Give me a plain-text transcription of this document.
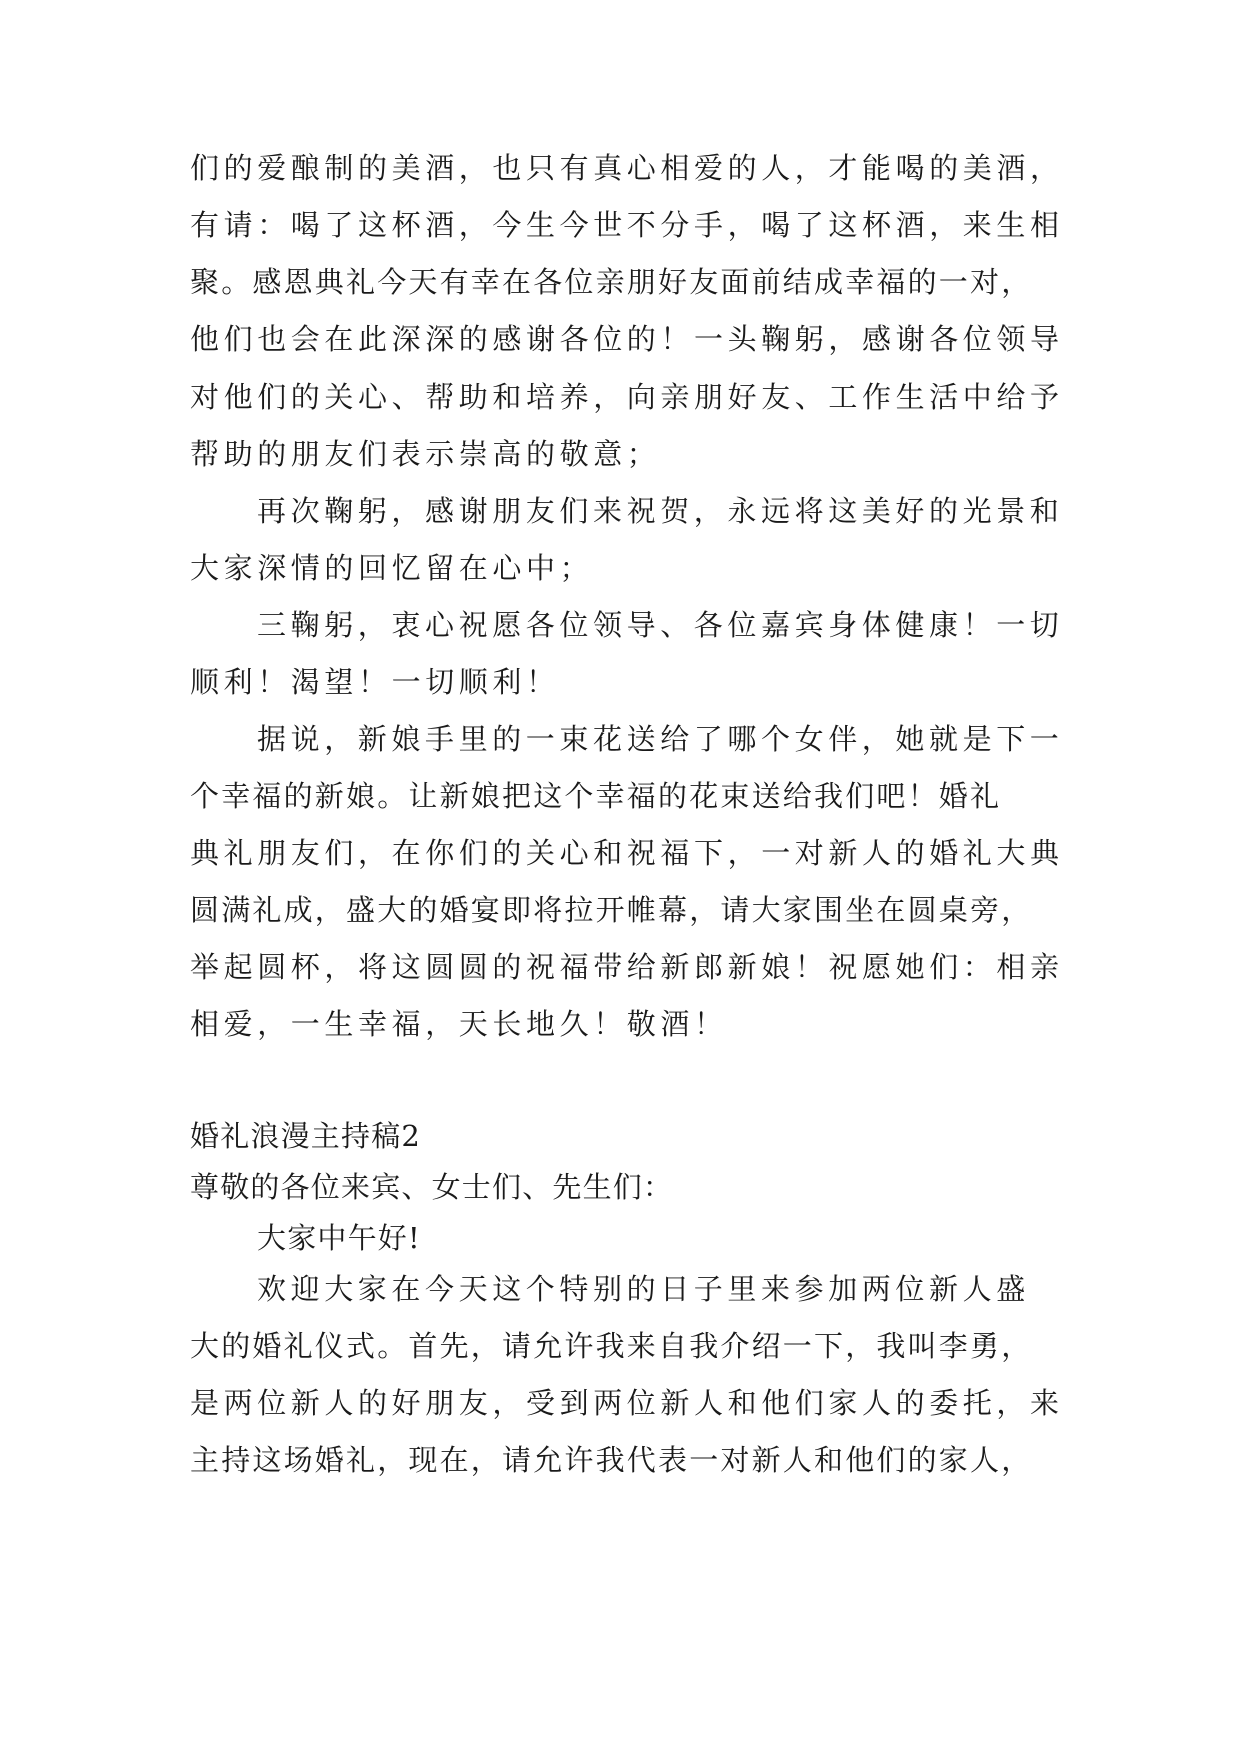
们的爱酿制的美酒，也只有真心相爱的人，才能喝的美酒，
有请：喝了这杯酒，今生今世不分手，喝了这杯酒，来生相
聚。感恩典礼今天有幸在各位亲朋好友面前结成幸福的一对，
他们也会在此深深的感谢各位的！一头鞠躬，感谢各位领导
对他们的关心、帮助和培养，向亲朋好友、工作生活中给予
帮助的朋友们表示崇高的敬意；
再次鞠躬，感谢朋友们来祝贺，永远将这美好的光景和
大家深情的回忆留在心中；
三鞠躬，衷心祝愿各位领导、各位嘉宾身体健康！一切
顺利！渴望！一切顺利！
据说，新娘手里的一束花送给了哪个女伴，她就是下一
个幸福的新娘。让新娘把这个幸福的花束送给我们吧！婚礼
典礼朋友们，在你们的关心和祝福下，一对新人的婚礼大典
圆满礼成，盛大的婚宴即将拉开帷幕，请大家围坐在圆桌旁，
举起圆杯，将这圆圆的祝福带给新郎新娘！祝愿她们：相亲
相爱，一生幸福，天长地久！敬酒！
婚礼浪漫主持稿2
尊敬的各位来宾、女士们、先生们：
大家中午好!
欢迎大家在今天这个特别的日子里来参加两位新人盛
大的婚礼仪式。首先，请允许我来自我介绍一下，我叫李勇，
是两位新人的好朋友，受到两位新人和他们家人的委托，来
主持这场婚礼，现在，请允许我代表一对新人和他们的家人，
